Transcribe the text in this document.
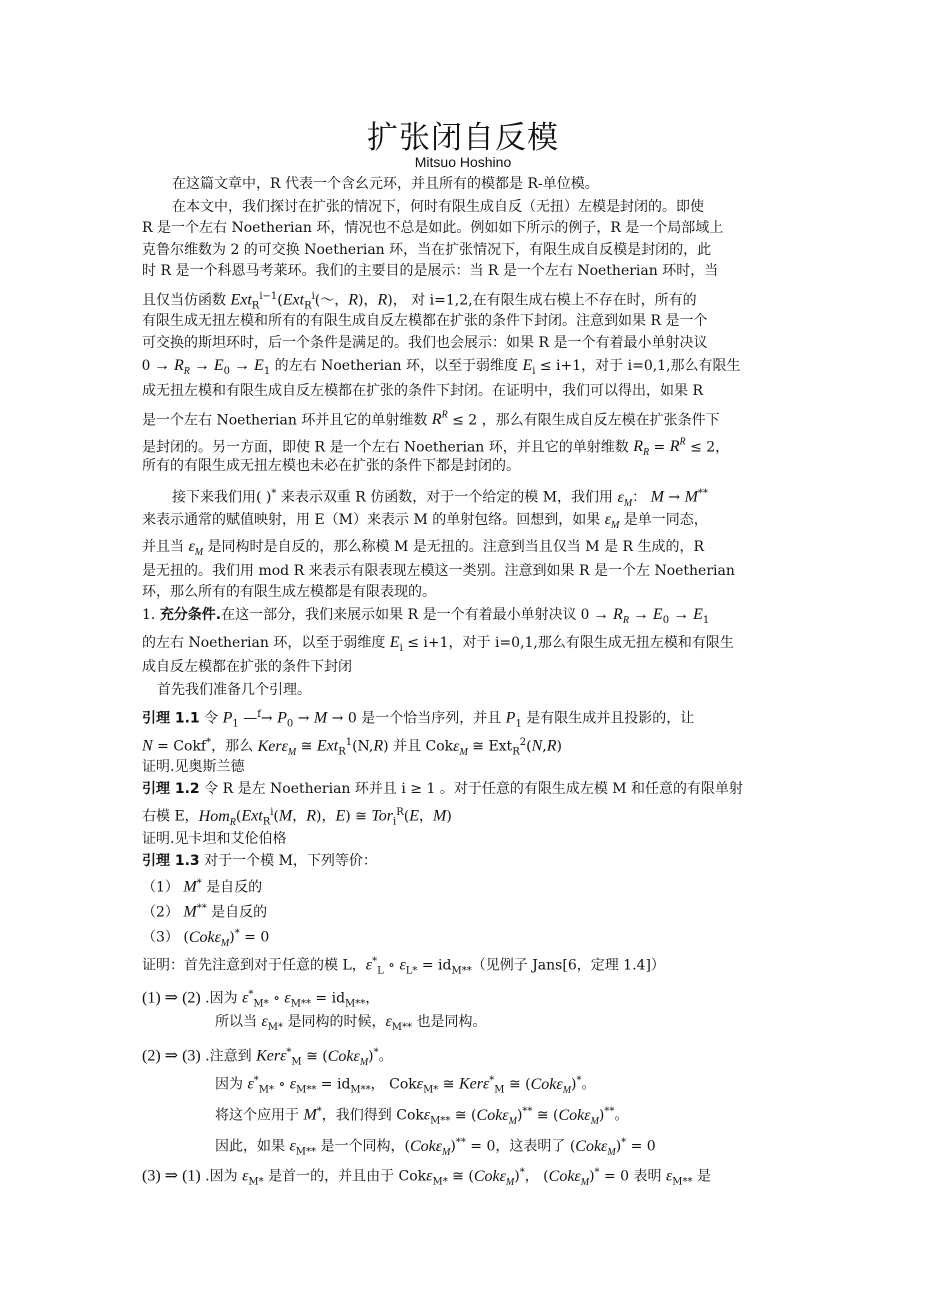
扩张闭自反模
Mitsuo Hoshino
在这篇文章中，R 代表一个含幺元环，并且所有的模都是 R-单位模。
在本文中，我们探讨在扩张的情况下，何时有限生成自反（无扭）左模是封闭的。即使
R 是一个左右 Noetherian 环，情况也不总是如此。例如如下所示的例子，R 是一个局部域上
克鲁尔维数为 2 的可交换 Noetherian 环，当在扩张情况下，有限生成自反模是封闭的，此
时 R 是一个科恩马考莱环。我们的主要目的是展示：当 R 是一个左右 Noetherian 环时，当
且仅当仿函数 Ext$_R^{i-1}$(Ext$_R^i$(～，R)，R)， 对 i=1,2,在有限生成右模上不存在时，所有的
有限生成无扭左模和所有的有限生成自反左模都在扩张的条件下封闭。注意到如果 R 是一个
可交换的斯坦环时，后一个条件是满足的。我们也会展示：如果 R 是一个有着最小单射决议
$0 \to R_R \to E_0 \to E_1$ 的左右 Noetherian 环，以至于弱维度 $E_i \le i+1$，对于 i=0,1,那么有限生
成无扭左模和有限生成自反左模都在扩张的条件下封闭。在证明中，我们可以得出，如果 R
是一个左右 Noetherian 环并且它的单射维数 $R^R \le 2$ ，那么有限生成自反左模在扩张条件下
是封闭的。另一方面，即使 R 是一个左右 Noetherian 环，并且它的单射维数 $R_R = R^R \le 2$，
所有的有限生成无扭左模也未必在扩张的条件下都是封闭的。
接下来我们用( )* 来表示双重 R 仿函数，对于一个给定的模 M，我们用 $\varepsilon_M$： M → M**
来表示通常的赋值映射，用 E（M）来表示 M 的单射包络。回想到，如果 $\varepsilon_M$ 是单一同态，
并且当 $\varepsilon_M$ 是同构时是自反的，那么称模 M 是无扭的。注意到当且仅当 M 是 R 生成的，R
是无扭的。我们用 mod R 来表示有限表现左模这一类别。注意到如果 R 是一个左 Noetherian
环，那么所有的有限生成左模都是有限表现的。
1. 充分条件.在这一部分，我们来展示如果 R 是一个有着最小单射决议 $0 \to R_R \to E_0 \to E_1$
的左右 Noetherian 环，以至于弱维度 $E_i \le i+1$，对于 i=0,1,那么有限生成无扭左模和有限生
成自反左模都在扩张的条件下封闭
首先我们准备几个引理。
引理 1.1 令 $P_1$ —$^f$→ $P_0 \to M \to 0$ 是一个恰当序列，并且 $P_1$ 是有限生成并且投影的，让
N = Cokf*，那么 Kerε$_M$ ≅ Ext$_R^1$(N,R) 并且 Cokε$_M$ ≅ Ext$_R^2$(N,R)
证明.见奥斯兰德
引理 1.2 令 R 是左 Noetherian 环并且 i ≥ 1 。对于任意的有限生成左模 M 和任意的有限单射
右模 E，Hom$_R$(Ext$_R^i$(M，R)，E) ≅ Tor$_i^R$(E，M)
证明.见卡坦和艾伦伯格
引理 1.3 对于一个模 M，下列等价：
（1） M* 是自反的
（2） M** 是自反的
（3） (Cokε$_M$)* = 0
证明：首先注意到对于任意的模 L，$\varepsilon^*_L$ ∘ $\varepsilon_{L*} = id_{M**}$（见例子 Jans[6，定理 1.4]）
(1) ⇒ (2) .因为 $\varepsilon^*_{M*}$ ∘ $\varepsilon_{M**} = id_{M**}$，
所以当 $\varepsilon_{M*}$ 是同构的时候，$\varepsilon_{M**}$ 也是同构。
(2) ⇒ (3) .注意到 Kerε*$_M$ ≅ (Cokε$_M$)*。
因为 $\varepsilon^*_{M*}$ ∘ $\varepsilon_{M**} = id_{M**}$， Cokε$_{M*}$ ≅ Kerε*$_M$ ≅ (Cokε$_M$)*。
将这个应用于 M*，我们得到 Cokε$_{M**}$ ≅ (Cokε$_M$)** ≅ (Cokε$_M$)**。
因此，如果 $\varepsilon_{M**}$ 是一个同构，(Cokε$_M$)** = 0，这表明了 (Cokε$_M$)* = 0
(3) ⇒ (1) .因为 $\varepsilon_{M*}$ 是首一的，并且由于 Cokε$_{M*}$ ≅ (Cokε$_M$)*， (Cokε$_M$)* = 0 表明 $\varepsilon_{M**}$ 是
